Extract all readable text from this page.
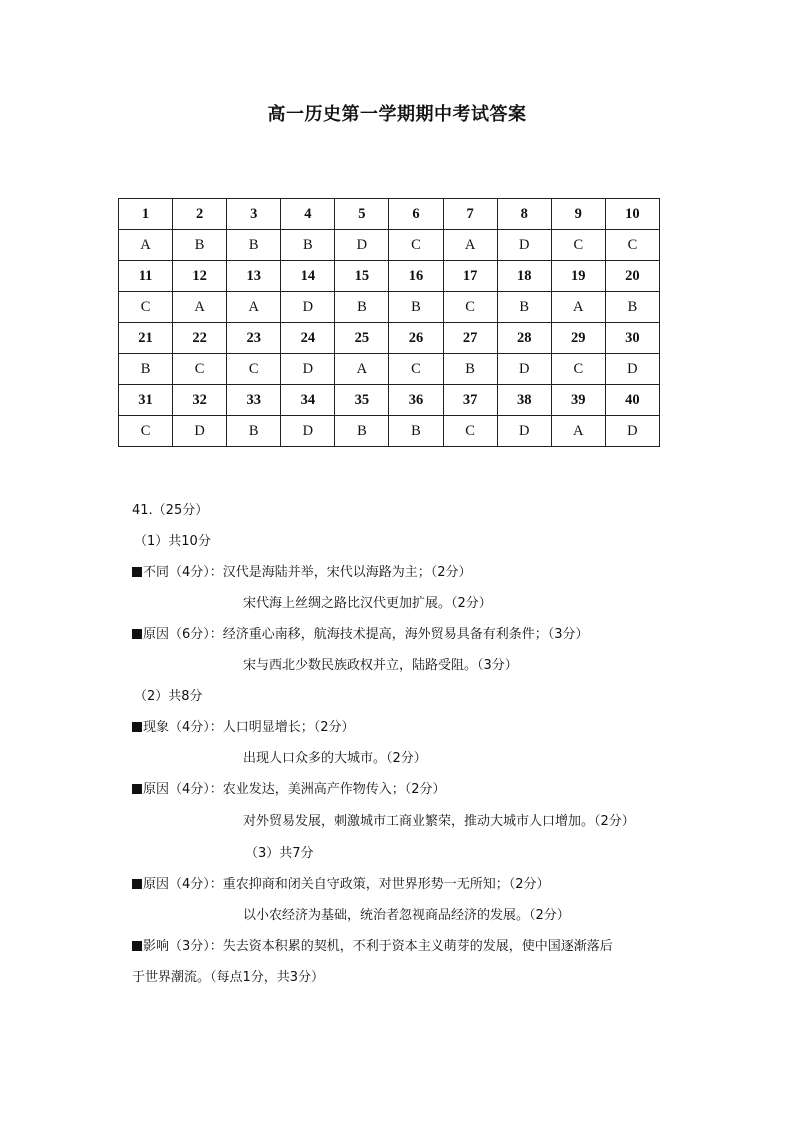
高一历史第一学期期中考试答案
1	2	3	4	5	6	7	8	9	10
A	B	B	B	D	C	A	D	C	C
11	12	13	14	15	16	17	18	19	20
C	A	A	D	B	B	C	B	A	B
21	22	23	24	25	26	27	28	29	30
B	C	C	D	A	C	B	D	C	D
31	32	33	34	35	36	37	38	39	40
C	D	B	D	B	B	C	D	A	D
41.（25分）
（1）共10分
不同（4分）：汉代是海陆并举，宋代以海路为主；（2分）
宋代海上丝绸之路比汉代更加扩展。（2分）
原因（6分）：经济重心南移，航海技术提高，海外贸易具备有利条件；（3分）
宋与西北少数民族政权并立，陆路受阻。（3分）
（2）共8分
现象（4分）：人口明显增长；（2分）
出现人口众多的大城市。（2分）
原因（4分）：农业发达，美洲高产作物传入；（2分）
对外贸易发展，刺激城市工商业繁荣，推动大城市人口增加。（2分）
（3）共7分
原因（4分）：重农抑商和闭关自守政策，对世界形势一无所知；（2分）
以小农经济为基础，统治者忽视商品经济的发展。（2分）
影响（3分）：失去资本积累的契机，不利于资本主义萌芽的发展，使中国逐渐落后
于世界潮流。（每点1分，共3分）
